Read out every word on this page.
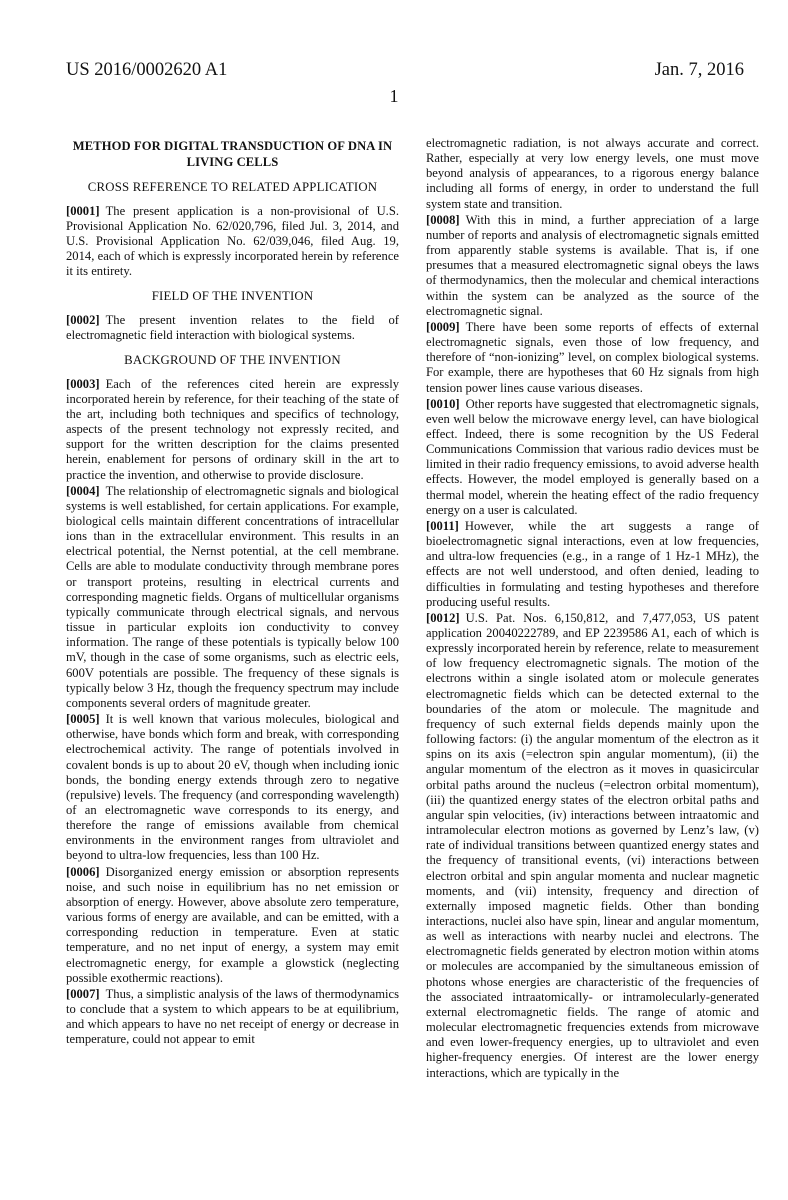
US 2016/0002620 A1	Jan. 7, 2016
1
METHOD FOR DIGITAL TRANSDUCTION OF DNA IN LIVING CELLS
CROSS REFERENCE TO RELATED APPLICATION

[0001] The present application is a non-provisional of U.S. Provisional Application No. 62/020,796, filed Jul. 3, 2014, and U.S. Provisional Application No. 62/039,046, filed Aug. 19, 2014, each of which is expressly incorporated herein by reference it its entirety.

FIELD OF THE INVENTION

[0002] The present invention relates to the field of electromagnetic field interaction with biological systems.

BACKGROUND OF THE INVENTION

[0003] Each of the references cited herein are expressly incorporated herein by reference, for their teaching of the state of the art, including both techniques and specifics of technology, aspects of the present technology not expressly recited, and support for the written description for the claims presented herein, enablement for persons of ordinary skill in the art to practice the invention, and otherwise to provide disclosure.

[0004] The relationship of electromagnetic signals and biological systems is well established, for certain applications. For example, biological cells maintain different concentrations of intracellular ions than in the extracellular environment. This results in an electrical potential, the Nernst potential, at the cell membrane. Cells are able to modulate conductivity through membrane pores or transport proteins, resulting in electrical currents and corresponding magnetic fields. Organs of multicellular organisms typically communicate through electrical signals, and nervous tissue in particular exploits ion conductivity to convey information. The range of these potentials is typically below 100 mV, though in the case of some organisms, such as electric eels, 600V potentials are possible. The frequency of these signals is typically below 3 Hz, though the frequency spectrum may include components several orders of magnitude greater.

[0005] It is well known that various molecules, biological and otherwise, have bonds which form and break, with corresponding electrochemical activity. The range of potentials involved in covalent bonds is up to about 20 eV, though when including ionic bonds, the bonding energy extends through zero to negative (repulsive) levels. The frequency (and corresponding wavelength) of an electromagnetic wave corresponds to its energy, and therefore the range of emissions available from chemical environments in the environment ranges from ultraviolet and beyond to ultra-low frequencies, less than 100 Hz.

[0006] Disorganized energy emission or absorption represents noise, and such noise in equilibrium has no net emission or absorption of energy. However, above absolute zero temperature, various forms of energy are available, and can be emitted, with a corresponding reduction in temperature. Even at static temperature, and no net input of energy, a system may emit electromagnetic energy, for example a glowstick (neglecting possible exothermic reactions).

[0007] Thus, a simplistic analysis of the laws of thermodynamics to conclude that a system to which appears to be at equilibrium, and which appears to have no net receipt of energy or decrease in temperature, could not appear to emit

electromagnetic radiation, is not always accurate and correct. Rather, especially at very low energy levels, one must move beyond analysis of appearances, to a rigorous energy balance including all forms of energy, in order to understand the full system state and transition.

[0008] With this in mind, a further appreciation of a large number of reports and analysis of electromagnetic signals emitted from apparently stable systems is available. That is, if one presumes that a measured electromagnetic signal obeys the laws of thermodynamics, then the molecular and chemical interactions within the system can be analyzed as the source of the electromagnetic signal.

[0009] There have been some reports of effects of external electromagnetic signals, even those of low frequency, and therefore of “non-ionizing” level, on complex biological systems. For example, there are hypotheses that 60 Hz signals from high tension power lines cause various diseases.

[0010] Other reports have suggested that electromagnetic signals, even well below the microwave energy level, can have biological effect. Indeed, there is some recognition by the US Federal Communications Commission that various radio devices must be limited in their radio frequency emissions, to avoid adverse health effects. However, the model employed is generally based on a thermal model, wherein the heating effect of the radio frequency energy on a user is calculated.

[0011] However, while the art suggests a range of bioelectromagnetic signal interactions, even at low frequencies, and ultra-low frequencies (e.g., in a range of 1 Hz-1 MHz), the effects are not well understood, and often denied, leading to difficulties in formulating and testing hypotheses and therefore producing useful results.

[0012] U.S. Pat. Nos. 6,150,812, and 7,477,053, US patent application 20040222789, and EP 2239586 A1, each of which is expressly incorporated herein by reference, relate to measurement of low frequency electromagnetic signals. The motion of the electrons within a single isolated atom or molecule generates electromagnetic fields which can be detected external to the boundaries of the atom or molecule. The magnitude and frequency of such external fields depends mainly upon the following factors: (i) the angular momentum of the electron as it spins on its axis (=electron spin angular momentum), (ii) the angular momentum of the electron as it moves in quasicircular orbital paths around the nucleus (=electron orbital momentum), (iii) the quantized energy states of the electron orbital paths and angular spin velocities, (iv) interactions between intraatomic and intramolecular electron motions as governed by Lenz’s law, (v) rate of individual transitions between quantized energy states and the frequency of transitional events, (vi) interactions between electron orbital and spin angular momenta and nuclear magnetic moments, and (vii) intensity, frequency and direction of externally imposed magnetic fields. Other than bonding interactions, nuclei also have spin, linear and angular momentum, as well as interactions with nearby nuclei and electrons. The electromagnetic fields generated by electron motion within atoms or molecules are accompanied by the simultaneous emission of photons whose energies are characteristic of the frequencies of the associated intraatomically- or intramolecularly-generated external electromagnetic fields. The range of atomic and molecular electromagnetic frequencies extends from microwave and even lower-frequency energies, up to ultraviolet and even higher-frequency energies. Of interest are the lower energy interactions, which are typically in the
